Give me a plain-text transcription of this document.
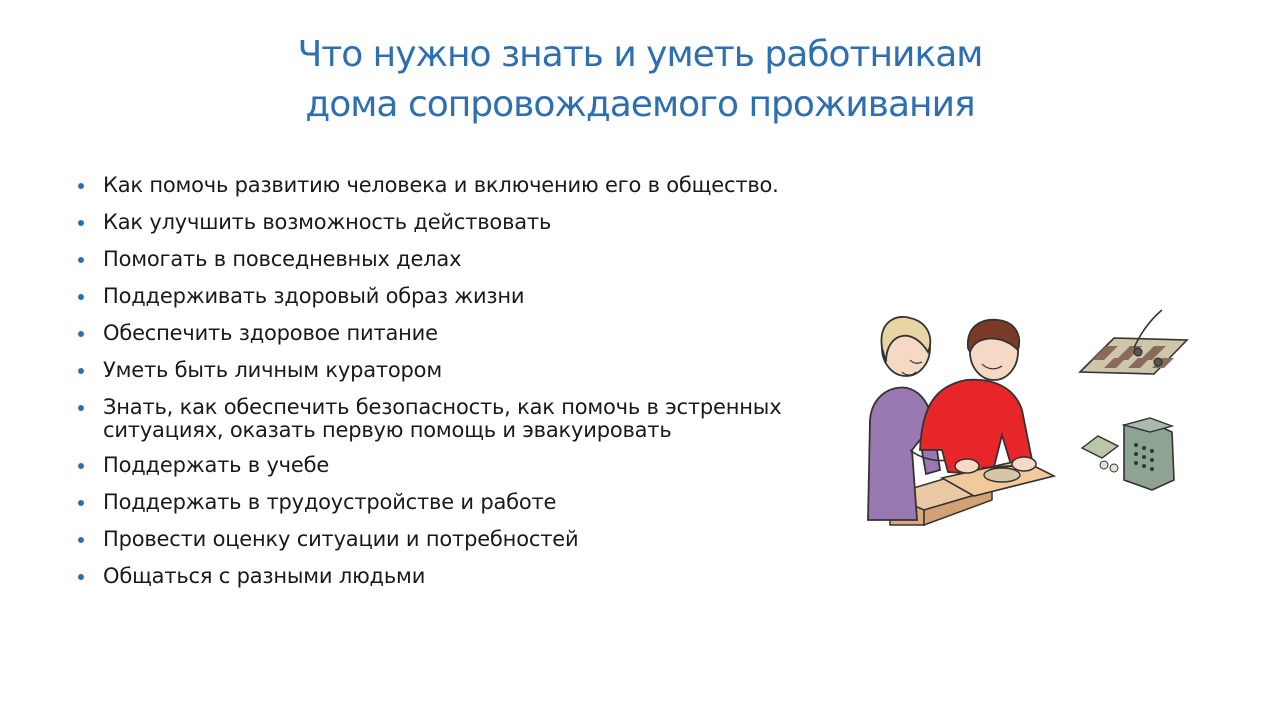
Что нужно знать и уметь работникам
дома сопровождаемого проживания
Как помочь развитию человека и включению его в общество.
Как улучшить возможность действовать
Помогать в повседневных делах
Поддерживать здоровый образ жизни
Обеспечить здоровое питание
Уметь быть личным куратором
Знать, как обеспечить безопасность, как помочь в эстренных ситуациях, оказать первую помощь и эвакуировать
Поддержать в учебе
Поддержать в трудоустройстве и работе
Провести оценку ситуации и потребностей
Общаться с разными людьми
